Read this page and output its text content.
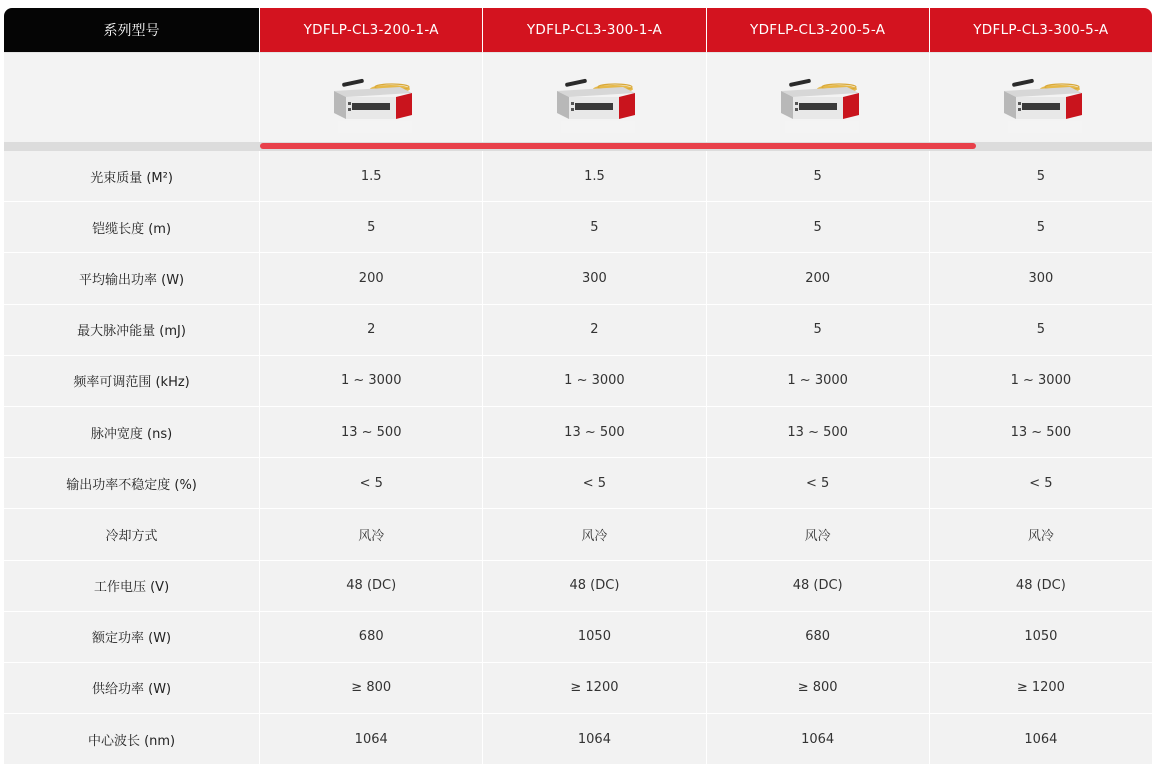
系列型号	YDFLP-CL3-200-1-A	YDFLP-CL3-300-1-A	YDFLP-CL3-200-5-A	YDFLP-CL3-300-5-A
光束质量 (M²)	1.5	1.5	5	5
铠缆长度 (m)	5	5	5	5
平均输出功率 (W)	200	300	200	300
最大脉冲能量 (mJ)	2	2	5	5
频率可调范围 (kHz)	1 ~ 3000	1 ~ 3000	1 ~ 3000	1 ~ 3000
脉冲宽度 (ns)	13 ~ 500	13 ~ 500	13 ~ 500	13 ~ 500
输出功率不稳定度 (%)	< 5	< 5	< 5	< 5
冷却方式	风冷	风冷	风冷	风冷
工作电压 (V)	48 (DC)	48 (DC)	48 (DC)	48 (DC)
额定功率 (W)	680	1050	680	1050
供给功率 (W)	≥ 800	≥ 1200	≥ 800	≥ 1200
中心波长 (nm)	1064	1064	1064	1064
